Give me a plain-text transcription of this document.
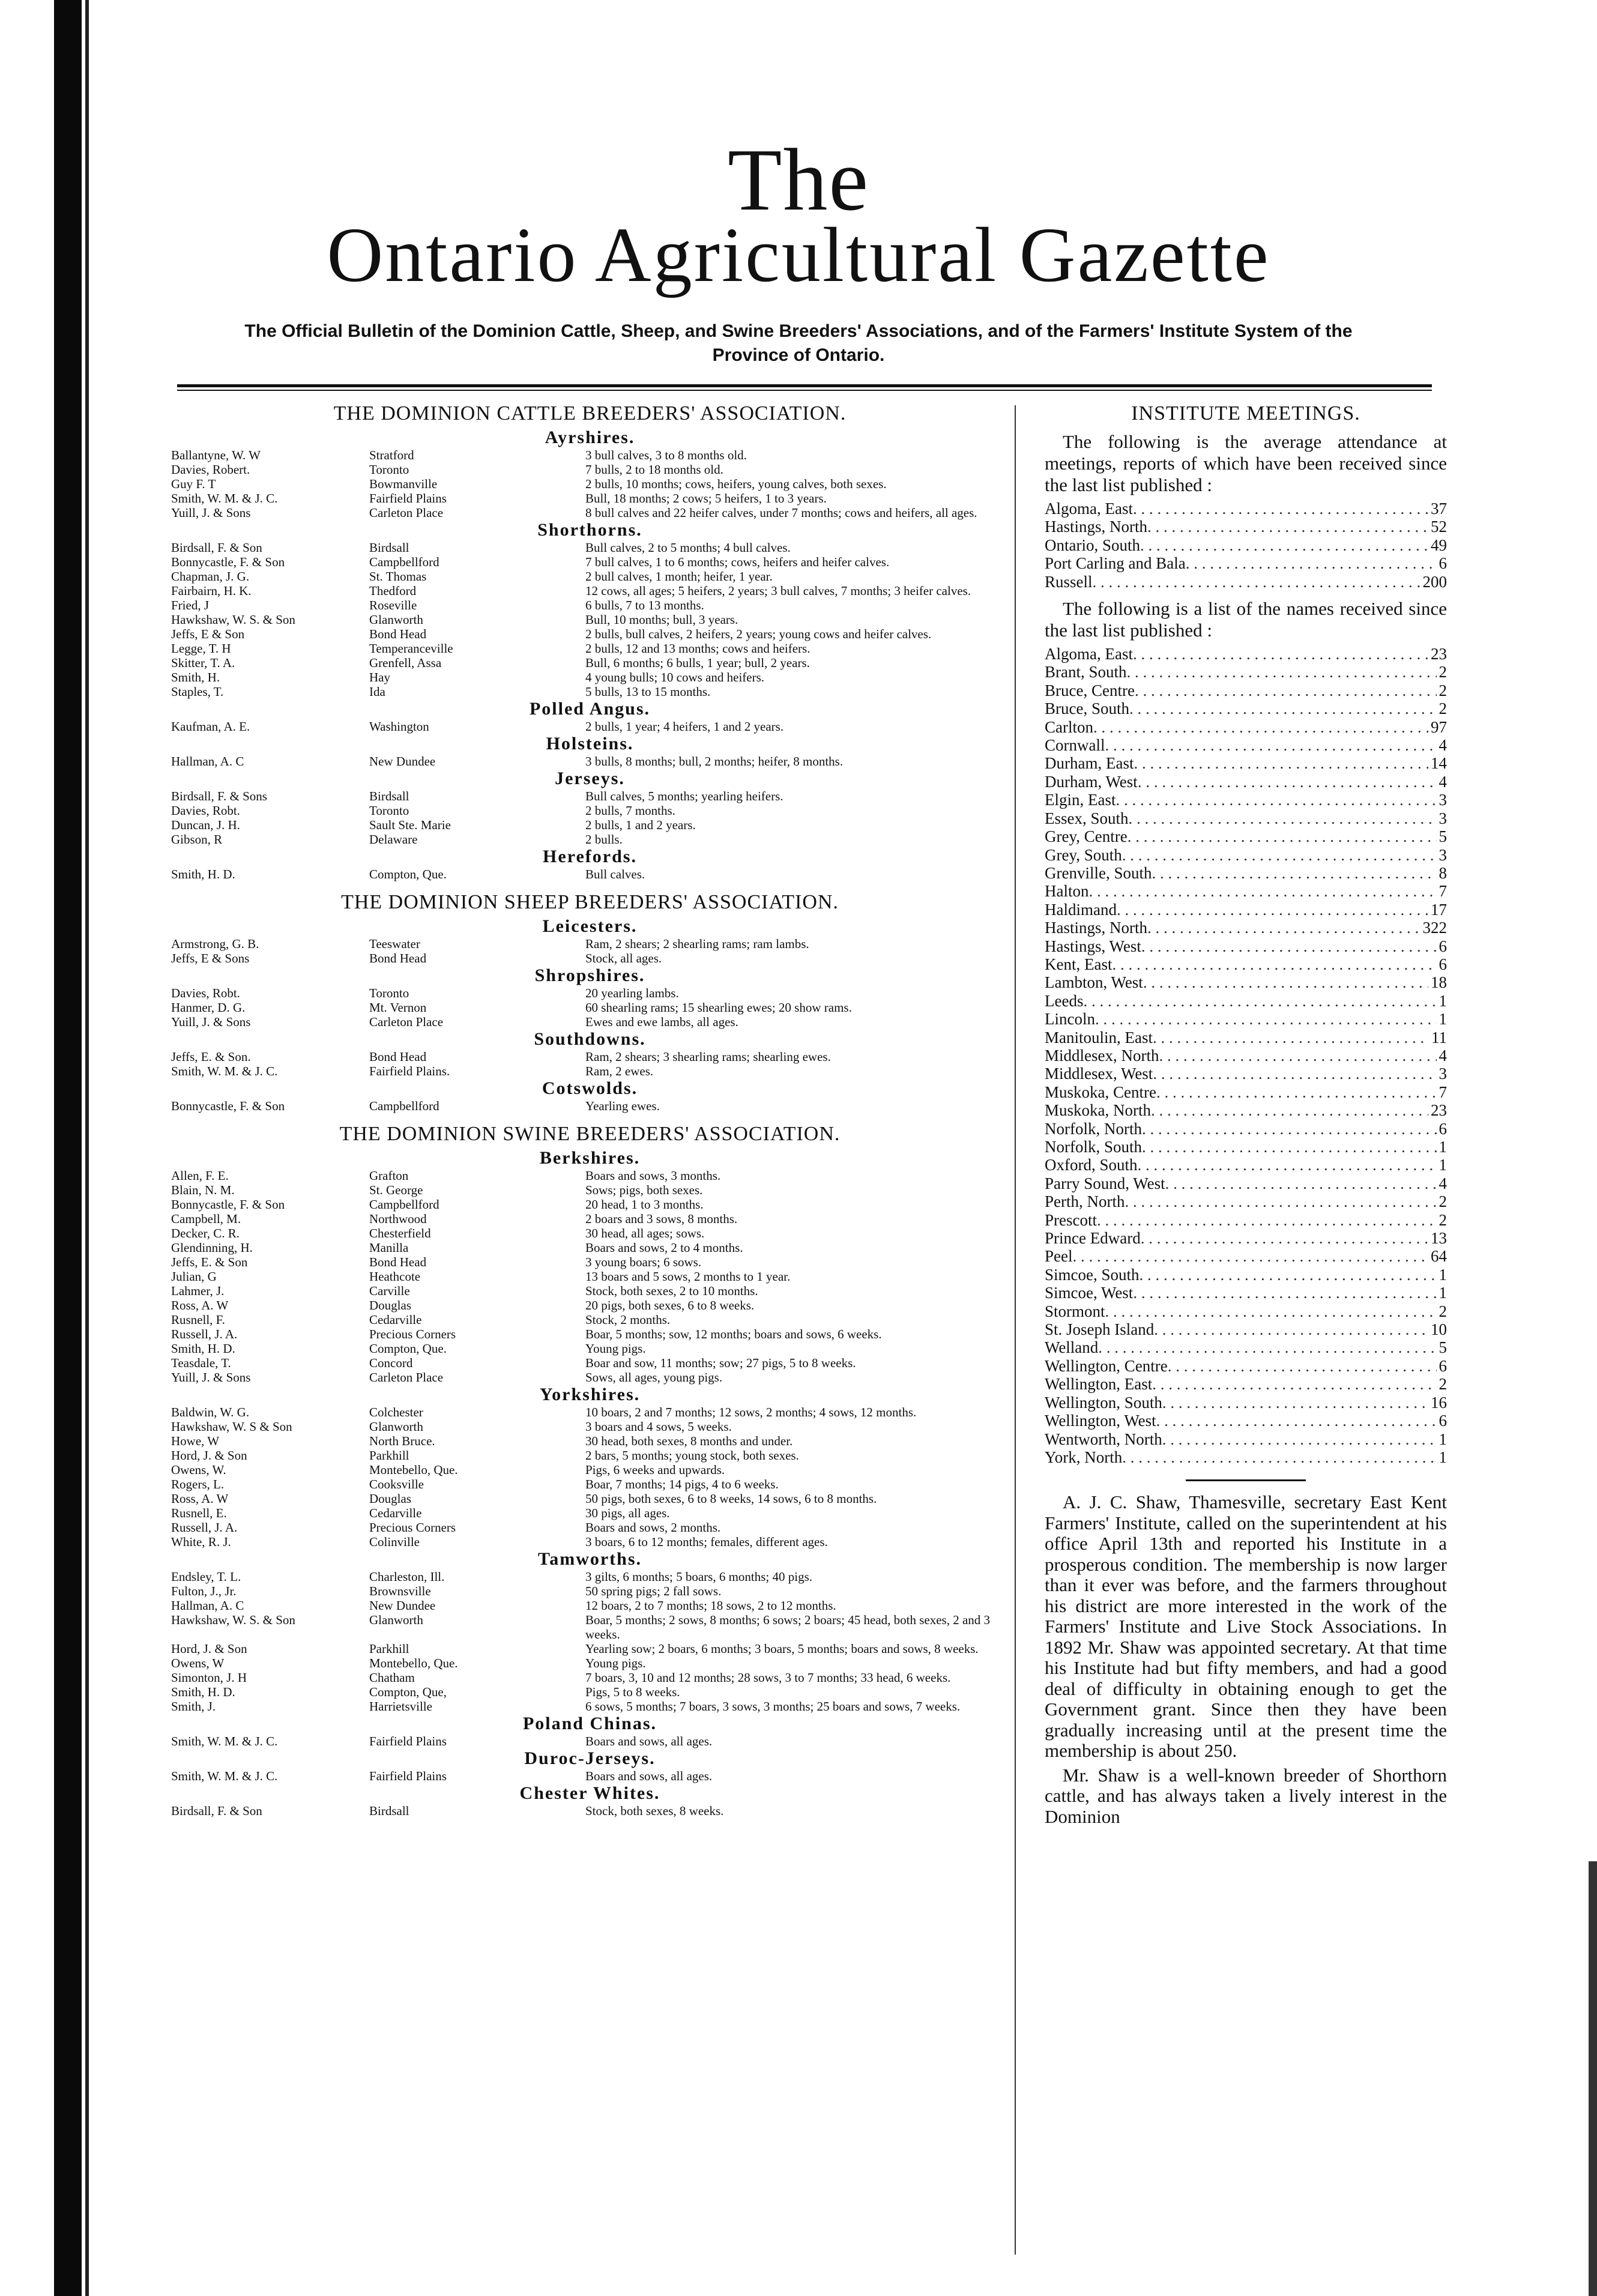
The
Ontario Agricultural Gazette
The Official Bulletin of the Dominion Cattle, Sheep, and Swine Breeders' Associations, and of the Farmers' Institute System of the Province of Ontario.
THE DOMINION CATTLE BREEDERS' ASSOCIATION.
Ayrshires.
Ballantyne, W. W	Stratford	3 bull calves, 3 to 8 months old.
Davies, Robert.	Toronto	7 bulls, 2 to 18 months old.
Guy F. T	Bowmanville	2 bulls, 10 months; cows, heifers, young calves, both sexes.
Smith, W. M. & J. C.	Fairfield Plains	Bull, 18 months; 2 cows; 5 heifers, 1 to 3 years.
Yuill, J. & Sons	Carleton Place	8 bull calves and 22 heifer calves, under 7 months; cows and heifers, all ages.
Shorthorns.
Birdsall, F. & Son	Birdsall	Bull calves, 2 to 5 months; 4 bull calves.
Bonnycastle, F. & Son	Campbellford	7 bull calves, 1 to 6 months; cows, heifers and heifer calves.
Chapman, J. G.	St. Thomas	2 bull calves, 1 month; heifer, 1 year.
Fairbairn, H. K.	Thedford	12 cows, all ages; 5 heifers, 2 years; 3 bull calves, 7 months; 3 heifer calves.
Fried, J	Roseville	6 bulls, 7 to 13 months.
Hawkshaw, W. S. & Son	Glanworth	Bull, 10 months; bull, 3 years.
Jeffs, E & Son	Bond Head	2 bulls, bull calves, 2 heifers, 2 years; young cows and heifer calves.
Legge, T. H	Temperanceville	2 bulls, 12 and 13 months; cows and heifers.
Skitter, T. A.	Grenfell, Assa	Bull, 6 months; 6 bulls, 1 year; bull, 2 years.
Smith, H.	Hay	4 young bulls; 10 cows and heifers.
Staples, T.	Ida	5 bulls, 13 to 15 months.
Polled Angus.
Kaufman, A. E.	Washington	2 bulls, 1 year; 4 heifers, 1 and 2 years.
Holsteins.
Hallman, A. C	New Dundee	3 bulls, 8 months; bull, 2 months; heifer, 8 months.
Jerseys.
Birdsall, F. & Sons	Birdsall	Bull calves, 5 months; yearling heifers.
Davies, Robt.	Toronto	2 bulls, 7 months.
Duncan, J. H.	Sault Ste. Marie	2 bulls, 1 and 2 years.
Gibson, R	Delaware	2 bulls.
Herefords.
Smith, H. D.	Compton, Que.	Bull calves.
THE DOMINION SHEEP BREEDERS' ASSOCIATION.
Leicesters.
Armstrong, G. B.	Teeswater	Ram, 2 shears; 2 shearling rams; ram lambs.
Jeffs, E & Sons	Bond Head	Stock, all ages.
Shropshires.
Davies, Robt.	Toronto	20 yearling lambs.
Hanmer, D. G.	Mt. Vernon	60 shearling rams; 15 shearling ewes; 20 show rams.
Yuill, J. & Sons	Carleton Place	Ewes and ewe lambs, all ages.
Southdowns.
Jeffs, E. & Son.	Bond Head	Ram, 2 shears; 3 shearling rams; shearling ewes.
Smith, W. M. & J. C.	Fairfield Plains.	Ram, 2 ewes.
Cotswolds.
Bonnycastle, F. & Son	Campbellford	Yearling ewes.
THE DOMINION SWINE BREEDERS' ASSOCIATION.
Berkshires.
Allen, F. E.	Grafton	Boars and sows, 3 months.
Blain, N. M.	St. George	Sows; pigs, both sexes.
Bonnycastle, F. & Son	Campbellford	20 head, 1 to 3 months.
Campbell, M.	Northwood	2 boars and 3 sows, 8 months.
Decker, C. R.	Chesterfield	30 head, all ages; sows.
Glendinning, H.	Manilla	Boars and sows, 2 to 4 months.
Jeffs, E. & Son	Bond Head	3 young boars; 6 sows.
Julian, G	Heathcote	13 boars and 5 sows, 2 months to 1 year.
Lahmer, J.	Carville	Stock, both sexes, 2 to 10 months.
Ross, A. W	Douglas	20 pigs, both sexes, 6 to 8 weeks.
Rusnell, F.	Cedarville	Stock, 2 months.
Russell, J. A.	Precious Corners	Boar, 5 months; sow, 12 months; boars and sows, 6 weeks.
Smith, H. D.	Compton, Que.	Young pigs.
Teasdale, T.	Concord	Boar and sow, 11 months; sow; 27 pigs, 5 to 8 weeks.
Yuill, J. & Sons	Carleton Place	Sows, all ages, young pigs.
Yorkshires.
Baldwin, W. G.	Colchester	10 boars, 2 and 7 months; 12 sows, 2 months; 4 sows, 12 months.
Hawkshaw, W. S & Son	Glanworth	3 boars and 4 sows, 5 weeks.
Howe, W	North Bruce.	30 head, both sexes, 8 months and under.
Hord, J. & Son	Parkhill	2 bars, 5 months; young stock, both sexes.
Owens, W.	Montebello, Que.	Pigs, 6 weeks and upwards.
Rogers, L.	Cooksville	Boar, 7 months; 14 pigs, 4 to 6 weeks.
Ross, A. W	Douglas	50 pigs, both sexes, 6 to 8 weeks, 14 sows, 6 to 8 months.
Rusnell, E.	Cedarville	30 pigs, all ages.
Russell, J. A.	Precious Corners	Boars and sows, 2 months.
White, R. J.	Colinville	3 boars, 6 to 12 months; females, different ages.
Tamworths.
Endsley, T. L.	Charleston, Ill.	3 gilts, 6 months; 5 boars, 6 months; 40 pigs.
Fulton, J., Jr.	Brownsville	50 spring pigs; 2 fall sows.
Hallman, A. C	New Dundee	12 boars, 2 to 7 months; 18 sows, 2 to 12 months.
Hawkshaw, W. S. & Son	Glanworth	Boar, 5 months; 2 sows, 8 months; 6 sows; 2 boars; 45 head, both sexes, 2 and 3 weeks.
Hord, J. & Son	Parkhill	Yearling sow; 2 boars, 6 months; 3 boars, 5 months; boars and sows, 8 weeks.
Owens, W	Montebello, Que.	Young pigs.
Simonton, J. H	Chatham	7 boars, 3, 10 and 12 months; 28 sows, 3 to 7 months; 33 head, 6 weeks.
Smith, H. D.	Compton, Que,	Pigs, 5 to 8 weeks.
Smith, J.	Harrietsville	6 sows, 5 months; 7 boars, 3 sows, 3 months; 25 boars and sows, 7 weeks.
Poland Chinas.
Smith, W. M. & J. C.	Fairfield Plains	Boars and sows, all ages.
Duroc-Jerseys.
Smith, W. M. & J. C.	Fairfield Plains	Boars and sows, all ages.
Chester Whites.
Birdsall, F. & Son	Birdsall	Stock, both sexes, 8 weeks.
INSTITUTE MEETINGS.
The following is the average attendance at meetings, reports of which have been received since the last list published :
Algoma, East . . .	37
Hastings, North . . .	52
Ontario, South . . .	49
Port Carling and Bala . . .	6
Russell . . .	200
The following is a list of the names received since the last list published :
Algoma, East . . .	23
Brant, South . . .	2
Bruce, Centre . . .	2
Bruce, South . . .	2
Carlton . . .	97
Cornwall . . .	4
Durham, East . . .	14
Durham, West . . .	4
Elgin, East . . .	3
Essex, South . . .	3
Grey, Centre . . .	5
Grey, South . . .	3
Grenville, South . . .	8
Halton . . .	7
Haldimand . . .	17
Hastings, North . . .	322
Hastings, West . . .	6
Kent, East . . .	6
Lambton, West . . .	18
Leeds . . .	1
Lincoln . . .	1
Manitoulin, East . . .	11
Middlesex, North . . .	4
Middlesex, West . . .	3
Muskoka, Centre . . .	7
Muskoka, North . . .	23
Norfolk, North . . .	6
Norfolk, South . . .	1
Oxford, South . . .	1
Parry Sound, West . . .	4
Perth, North . . .	2
Prescott . . .	2
Prince Edward . . .	13
Peel . . .	64
Simcoe, South . . .	1
Simcoe, West . . .	1
Stormont . . .	2
St. Joseph Island . . .	10
Welland . . .	5
Wellington, Centre . . .	6
Wellington, East . . .	2
Wellington, South . . .	16
Wellington, West . . .	6
Wentworth, North . . .	1
York, North . . .	1
A. J. C. Shaw, Thamesville, secretary East Kent Farmers' Institute, called on the superintendent at his office April 13th and reported his Institute in a prosperous condition. The membership is now larger than it ever was before, and the farmers throughout his district are more interested in the work of the Farmers' Institute and Live Stock Associations. In 1892 Mr. Shaw was appointed secretary. At that time his Institute had but fifty members, and had a good deal of difficulty in obtaining enough to get the Government grant. Since then they have been gradually increasing until at the present time the membership is about 250.
Mr. Shaw is a well-known breeder of Shorthorn cattle, and has always taken a lively interest in the Dominion
